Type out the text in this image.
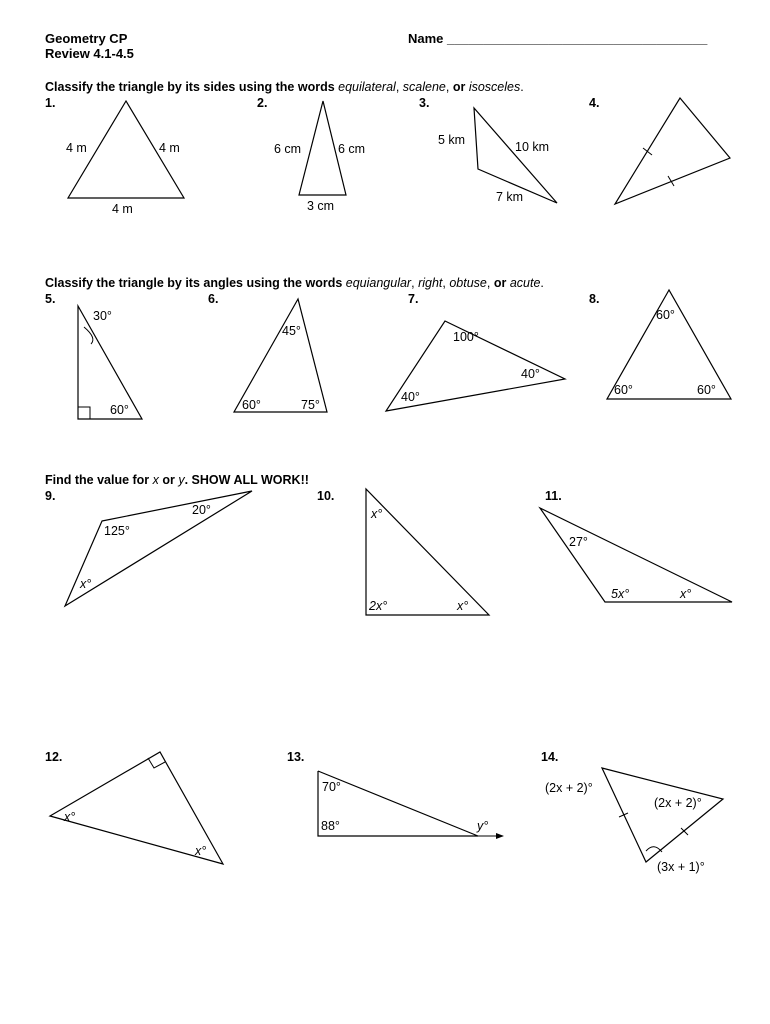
Geometry CP
Review 4.1-4.5
Name ____________________________________
Classify the triangle by its sides using the words equilateral, scalene, or isosceles.
Classify the triangle by its angles using the words equiangular, right, obtuse, or acute.
Find the value for x or y. SHOW ALL WORK!!
1.	2.	3.	4.
5.	6.	7.	8.
9.	10.	11.
12.	13.	14.
4 m	4 m
4 m
6 cm	6 cm
3 cm
5 km	10 km
7 km
30°
60°
45°
60°	75°
100°
40°
40°
60°
60°	60°
20°
125°
x°
x°
2x°	x°
27°
5x°	x°
x°
x°
70°
88°	y°
(2x + 2)°
(2x + 2)°
(3x + 1)°
